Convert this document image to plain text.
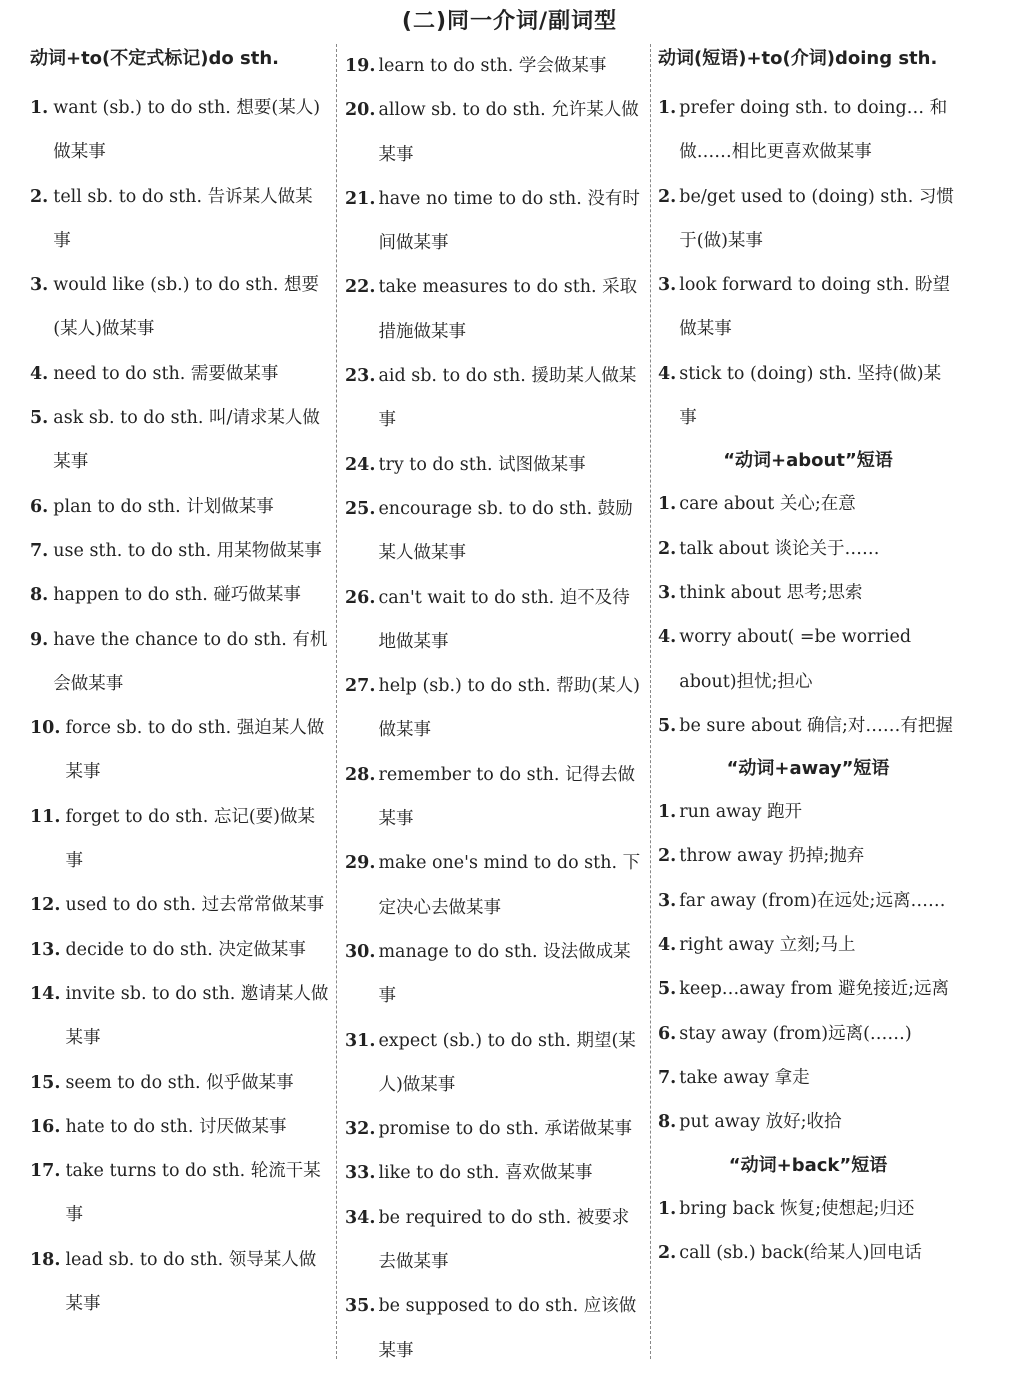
(二)同一介词/副词型
动词+to(不定式标记)do sth.
1. want (sb.) to do sth. 想要(某人)做某事
2. tell sb. to do sth. 告诉某人做某事
3. would like (sb.) to do sth. 想要(某人)做某事
4. need to do sth. 需要做某事
5. ask sb. to do sth. 叫/请求某人做某事
6. plan to do sth. 计划做某事
7. use sth. to do sth. 用某物做某事
8. happen to do sth. 碰巧做某事
9. have the chance to do sth. 有机会做某事
10. force sb. to do sth. 强迫某人做某事
11. forget to do sth. 忘记(要)做某事
12. used to do sth. 过去常常做某事
13. decide to do sth. 决定做某事
14. invite sb. to do sth. 邀请某人做某事
15. seem to do sth. 似乎做某事
16. hate to do sth. 讨厌做某事
17. take turns to do sth. 轮流干某事
18. lead sb. to do sth. 领导某人做某事
19. learn to do sth. 学会做某事
20. allow sb. to do sth. 允许某人做某事
21. have no time to do sth. 没有时间做某事
22. take measures to do sth. 采取措施做某事
23. aid sb. to do sth. 援助某人做某事
24. try to do sth. 试图做某事
25. encourage sb. to do sth. 鼓励某人做某事
26. can't wait to do sth. 迫不及待地做某事
27. help (sb.) to do sth. 帮助(某人)做某事
28. remember to do sth. 记得去做某事
29. make one's mind to do sth. 下定决心去做某事
30. manage to do sth. 设法做成某事
31. expect (sb.) to do sth. 期望(某人)做某事
32. promise to do sth. 承诺做某事
33. like to do sth. 喜欢做某事
34. be required to do sth. 被要求去做某事
35. be supposed to do sth. 应该做某事
动词(短语)+to(介词)doing sth.
1. prefer doing sth. to doing… 和做……相比更喜欢做某事
2. be/get used to (doing) sth. 习惯于(做)某事
3. look forward to doing sth. 盼望做某事
4. stick to (doing) sth. 坚持(做)某事
“动词+about”短语
1. care about 关心;在意
2. talk about 谈论关于……
3. think about 思考;思索
4. worry about( =be worried about)担忧;担心
5. be sure about 确信;对……有把握
“动词+away”短语
1. run away 跑开
2. throw away 扔掉;抛弃
3. far away (from)在远处;远离……
4. right away 立刻;马上
5. keep…away from 避免接近;远离
6. stay away (from)远离(……)
7. take away 拿走
8. put away 放好;收拾
“动词+back”短语
1. bring back 恢复;使想起;归还
2. call (sb.) back(给某人)回电话
